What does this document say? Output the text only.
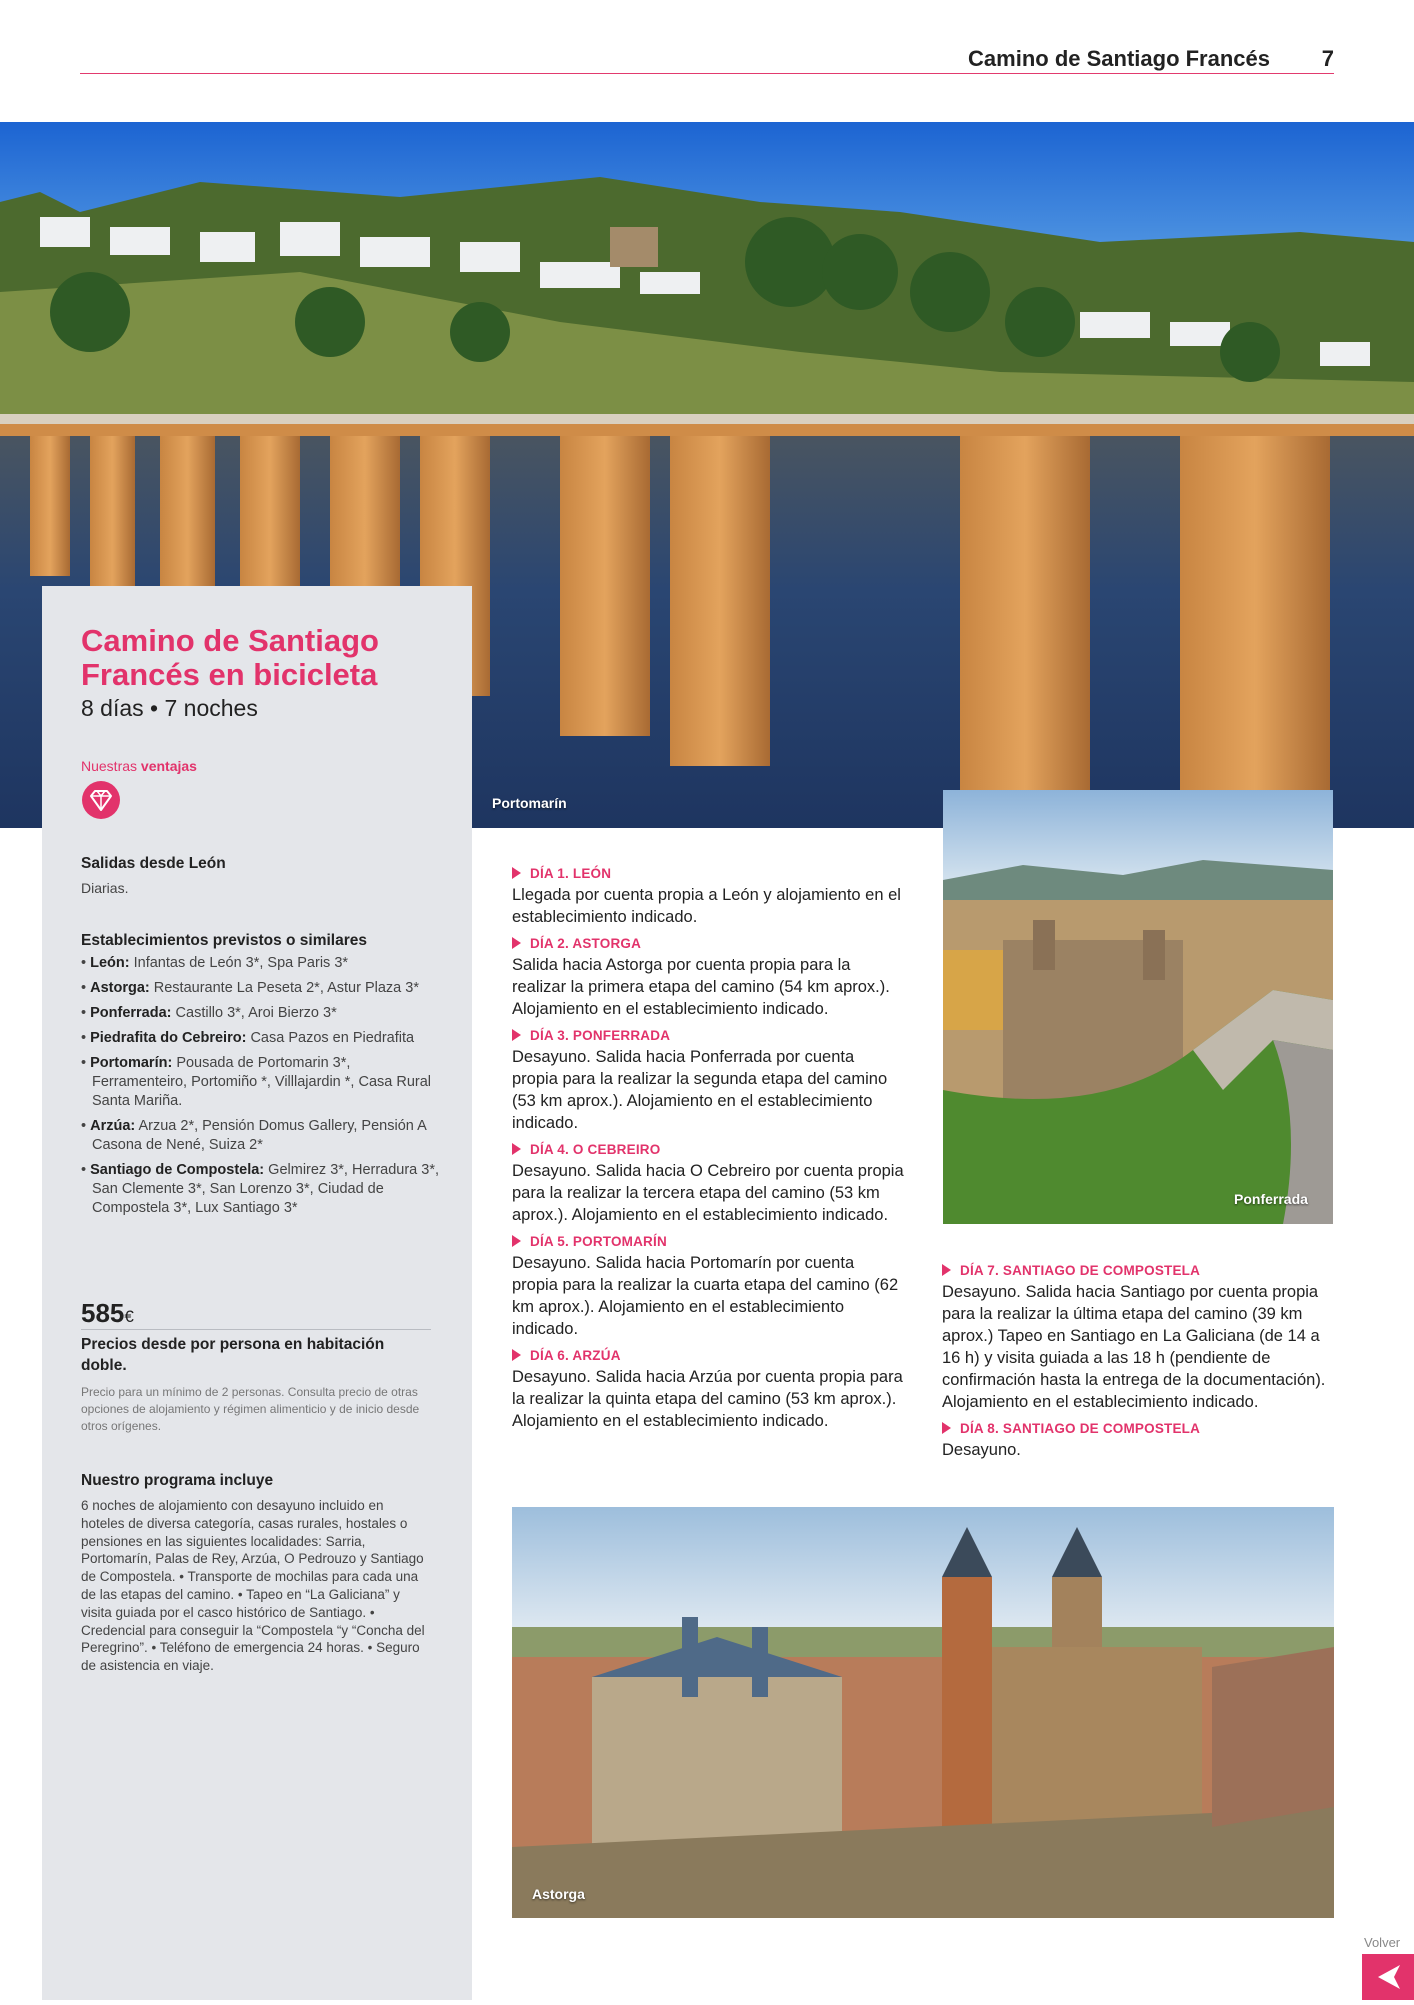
Camino de Santiago Francés 7
Portomarín
Camino de Santiago
Francés en bicicleta
8 días • 7 noches
Nuestras ventajas
Salidas desde León
Diarias.
Establecimientos previstos o similares
• León: Infantas de León 3*, Spa Paris 3*
• Astorga: Restaurante La Peseta 2*, Astur Plaza 3*
• Ponferrada: Castillo 3*, Aroi Bierzo 3*
• Piedrafita do Cebreiro: Casa Pazos en Piedrafita
• Portomarín: Pousada de Portomarin 3*, Ferramenteiro, Portomiño *, Villlajardin *, Casa Rural Santa Mariña.
• Arzúa: Arzua 2*, Pensión Domus Gallery, Pensión A Casona de Nené, Suiza 2*
• Santiago de Compostela: Gelmirez 3*, Herradura 3*, San Clemente 3*, San Lorenzo 3*, Ciudad de Compostela 3*, Lux Santiago 3*
585€
Precios desde por persona en habitación doble.
Precio para un mínimo de 2 personas. Consulta precio de otras opciones de alojamiento y régimen alimenticio y de inicio desde otros orígenes.
Nuestro programa incluye
6 noches de alojamiento con desayuno incluido en hoteles de diversa categoría, casas rurales, hostales o pensiones en las siguientes localidades: Sarria, Portomarín, Palas de Rey, Arzúa, O Pedrouzo y Santiago de Compostela. • Transporte de mochilas para cada una de las etapas del camino. • Tapeo en “La Galiciana” y visita guiada por el casco histórico de Santiago. • Credencial para conseguir la “Compostela “y “Concha del Peregrino”. • Teléfono de emergencia 24 horas. • Seguro de asistencia en viaje.
DÍA 1. LEÓN
Llegada por cuenta propia a León y alojamiento en el establecimiento indicado.
DÍA 2. ASTORGA
Salida hacia Astorga por cuenta propia para la realizar la primera etapa del camino (54 km aprox.). Alojamiento en el establecimiento indicado.
DÍA 3. PONFERRADA
Desayuno. Salida hacia Ponferrada por cuenta propia para la realizar la segunda etapa del camino (53 km aprox.). Alojamiento en el establecimiento indicado.
DÍA 4. O CEBREIRO
Desayuno. Salida hacia O Cebreiro por cuenta propia para la realizar la tercera etapa del camino (53 km aprox.). Alojamiento en el establecimiento indicado.
DÍA 5. PORTOMARÍN
Desayuno. Salida hacia Portomarín por cuenta propia para la realizar la cuarta etapa del camino (62 km aprox.). Alojamiento en el establecimiento indicado.
DÍA 6. ARZÚA
Desayuno. Salida hacia Arzúa por cuenta propia para la realizar la quinta etapa del camino (53 km aprox.). Alojamiento en el establecimiento indicado.
Ponferrada
DÍA 7. SANTIAGO DE COMPOSTELA
Desayuno. Salida hacia Santiago por cuenta propia para la realizar la última etapa del camino (39 km aprox.) Tapeo en Santiago en La Galiciana (de 14 a 16 h) y visita guiada a las 18 h (pendiente de confirmación hasta la entrega de la documentación). Alojamiento en el establecimiento indicado.
DÍA 8. SANTIAGO DE COMPOSTELA
Desayuno.
Astorga
Volver
